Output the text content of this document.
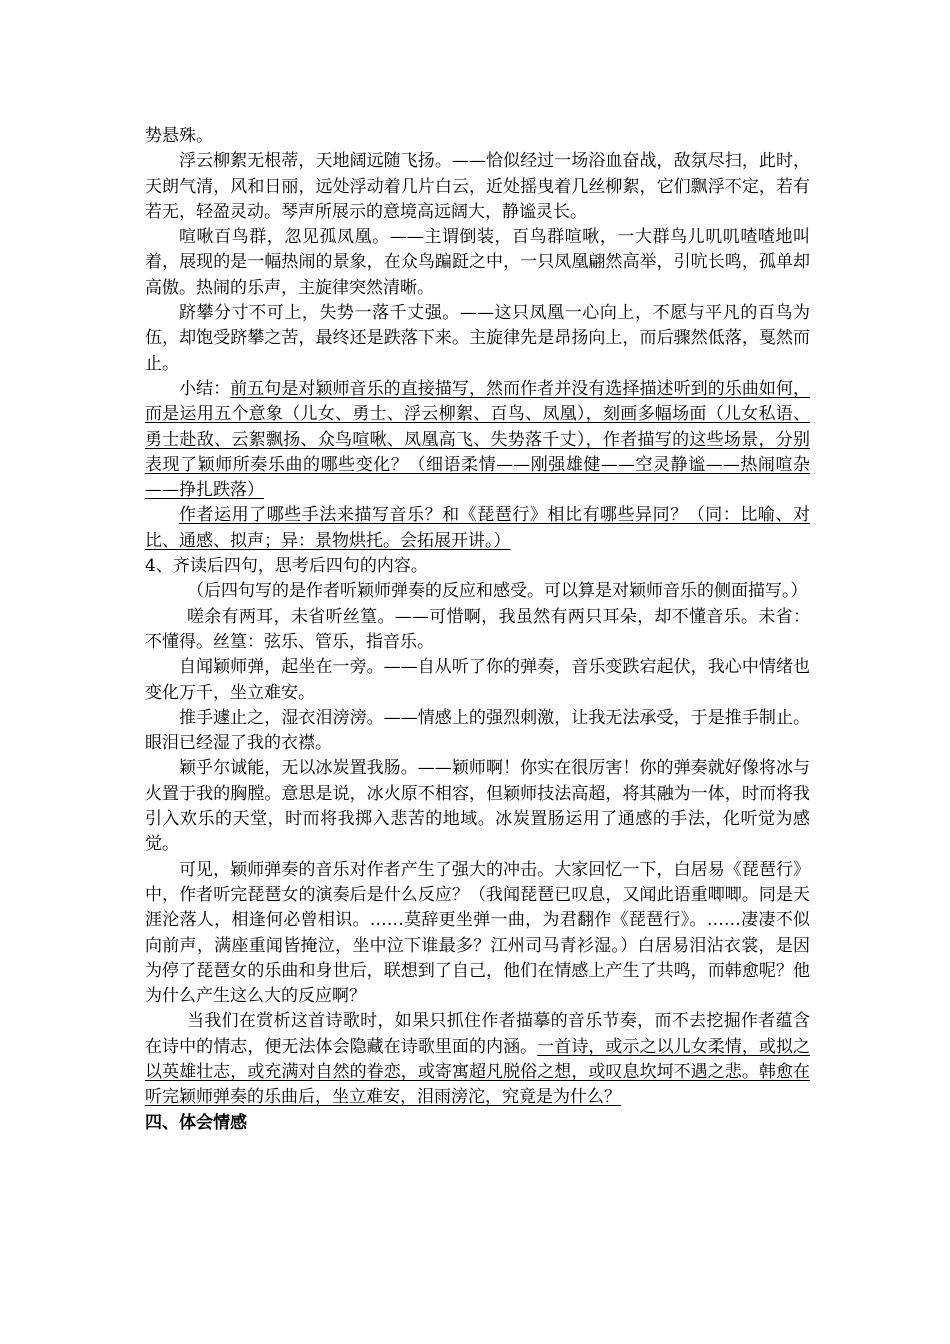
势悬殊。

浮云柳絮无根蒂，天地阔远随飞扬。——恰似经过一场浴血奋战，敌氛尽扫，此时，天朗气清，风和日丽，远处浮动着几片白云，近处摇曳着几丝柳絮，它们飘浮不定，若有若无，轻盈灵动。琴声所展示的意境高远阔大，静谧灵长。

喧啾百鸟群，忽见孤凤凰。——主谓倒装，百鸟群喧啾，一大群鸟儿叽叽喳喳地叫着，展现的是一幅热闹的景象，在众鸟蹁跹之中，一只凤凰翩然高举，引吭长鸣，孤单却高傲。热闹的乐声，主旋律突然清晰。

跻攀分寸不可上，失势一落千丈强。——这只凤凰一心向上，不愿与平凡的百鸟为伍，却饱受跻攀之苦，最终还是跌落下来。主旋律先是昂扬向上，而后骤然低落，戛然而止。

小结：前五句是对颖师音乐的直接描写，然而作者并没有选择描述听到的乐曲如何，而是运用五个意象（儿女、勇士、浮云柳絮、百鸟、凤凰），刻画多幅场面（儿女私语、勇士赴敌、云絮飘扬、众鸟喧啾、凤凰高飞、失势落千丈），作者描写的这些场景，分别表现了颖师所奏乐曲的哪些变化？（细语柔情——刚强雄健——空灵静谧——热闹喧杂——挣扎跌落）

作者运用了哪些手法来描写音乐？和《琵琶行》相比有哪些异同？（同：比喻、对比、通感、拟声；异：景物烘托。会拓展开讲。）

4、齐读后四句，思考后四句的内容。

（后四句写的是作者听颖师弹奏的反应和感受。可以算是对颖师音乐的侧面描写。）

嗟余有两耳，未省听丝篁。——可惜啊，我虽然有两只耳朵，却不懂音乐。未省：不懂得。丝篁：弦乐、管乐，指音乐。

自闻颖师弹，起坐在一旁。——自从听了你的弹奏，音乐变跌宕起伏，我心中情绪也变化万千，坐立难安。

推手遽止之，湿衣泪滂滂。——情感上的强烈刺激，让我无法承受，于是推手制止。眼泪已经湿了我的衣襟。

颖乎尔诚能，无以冰炭置我肠。——颖师啊！你实在很厉害！你的弹奏就好像将冰与火置于我的胸膛。意思是说，冰火原不相容，但颖师技法高超，将其融为一体，时而将我引入欢乐的天堂，时而将我掷入悲苦的地域。冰炭置肠运用了通感的手法，化听觉为感觉。

可见，颖师弹奏的音乐对作者产生了强大的冲击。大家回忆一下，白居易《琵琶行》中，作者听完琵琶女的演奏后是什么反应？（我闻琵琶已叹息，又闻此语重唧唧。同是天涯沦落人，相逢何必曾相识。……莫辞更坐弹一曲，为君翻作《琵琶行》。……凄凄不似向前声，满座重闻皆掩泣，坐中泣下谁最多？江州司马青衫湿。）白居易泪沾衣裳，是因为停了琵琶女的乐曲和身世后，联想到了自己，他们在情感上产生了共鸣，而韩愈呢？他为什么产生这么大的反应啊？

当我们在赏析这首诗歌时，如果只抓住作者描摹的音乐节奏，而不去挖掘作者蕴含在诗中的情志，便无法体会隐藏在诗歌里面的内涵。一首诗，或示之以儿女柔情，或拟之以英雄壮志，或充满对自然的眷恋，或寄寓超凡脱俗之想，或叹息坎坷不遇之悲。韩愈在听完颖师弹奏的乐曲后，坐立难安，泪雨滂沱，究竟是为什么？

四、体会情感
